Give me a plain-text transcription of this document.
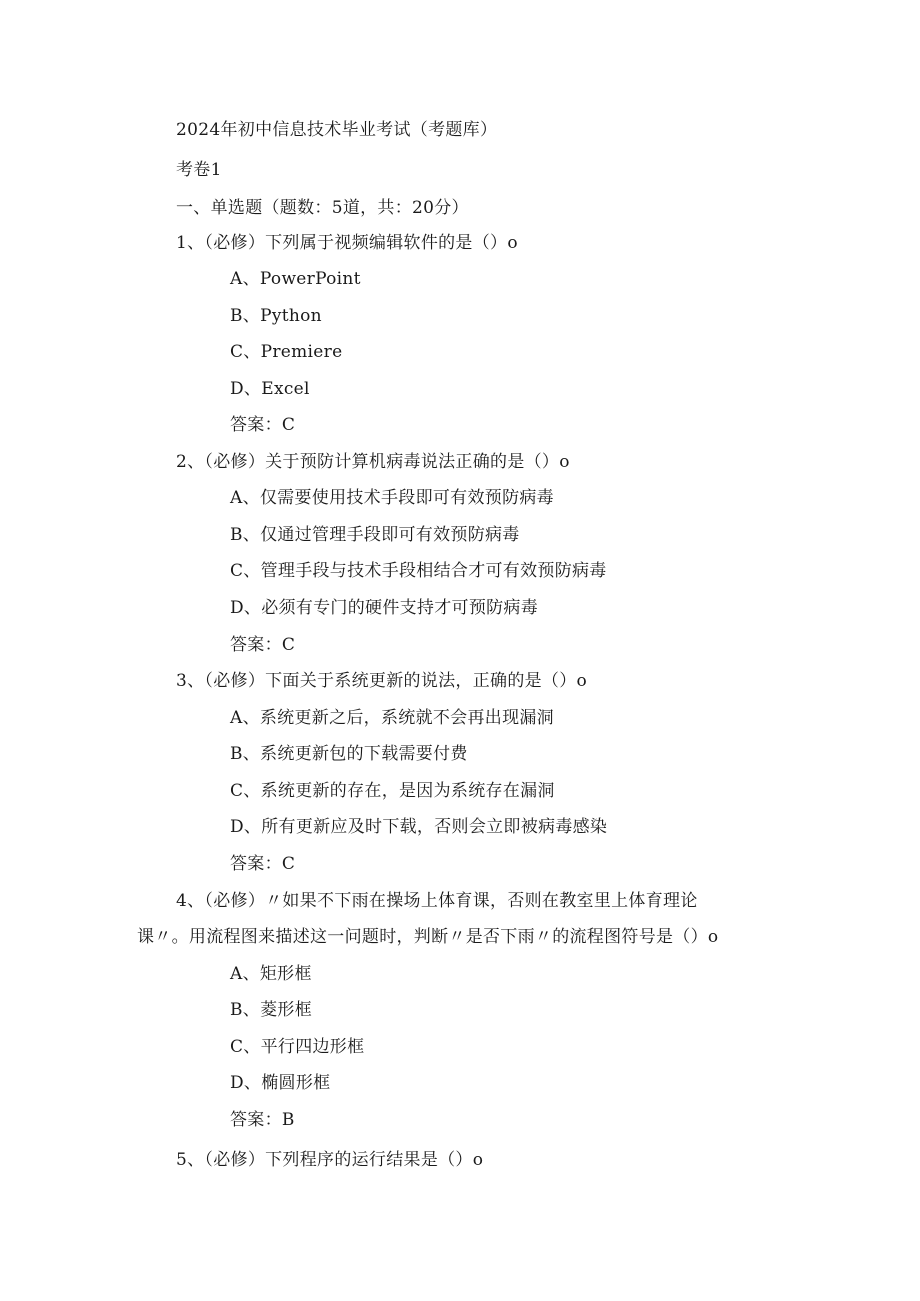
2024年初中信息技术毕业考试（考题库）
考卷1
一、单选题（题数：5道，共：20分）
1、（必修）下列属于视频编辑软件的是（）o
A、PowerPoint
B、Python
C、Premiere
D、Excel
答案：C
2、（必修）关于预防计算机病毒说法正确的是（）o
A、仅需要使用技术手段即可有效预防病毒
B、仅通过管理手段即可有效预防病毒
C、管理手段与技术手段相结合才可有效预防病毒
D、必须有专门的硬件支持才可预防病毒
答案：C
3、（必修）下面关于系统更新的说法，正确的是（）o
A、系统更新之后，系统就不会再出现漏洞
B、系统更新包的下载需要付费
C、系统更新的存在，是因为系统存在漏洞
D、所有更新应及时下载，否则会立即被病毒感染
答案：C
4、（必修）〃如果不下雨在操场上体育课，否则在教室里上体育理论
课〃。用流程图来描述这一问题时，判断〃是否下雨〃的流程图符号是（）o
A、矩形框
B、菱形框
C、平行四边形框
D、椭圆形框
答案：B
5、（必修）下列程序的运行结果是（）o
